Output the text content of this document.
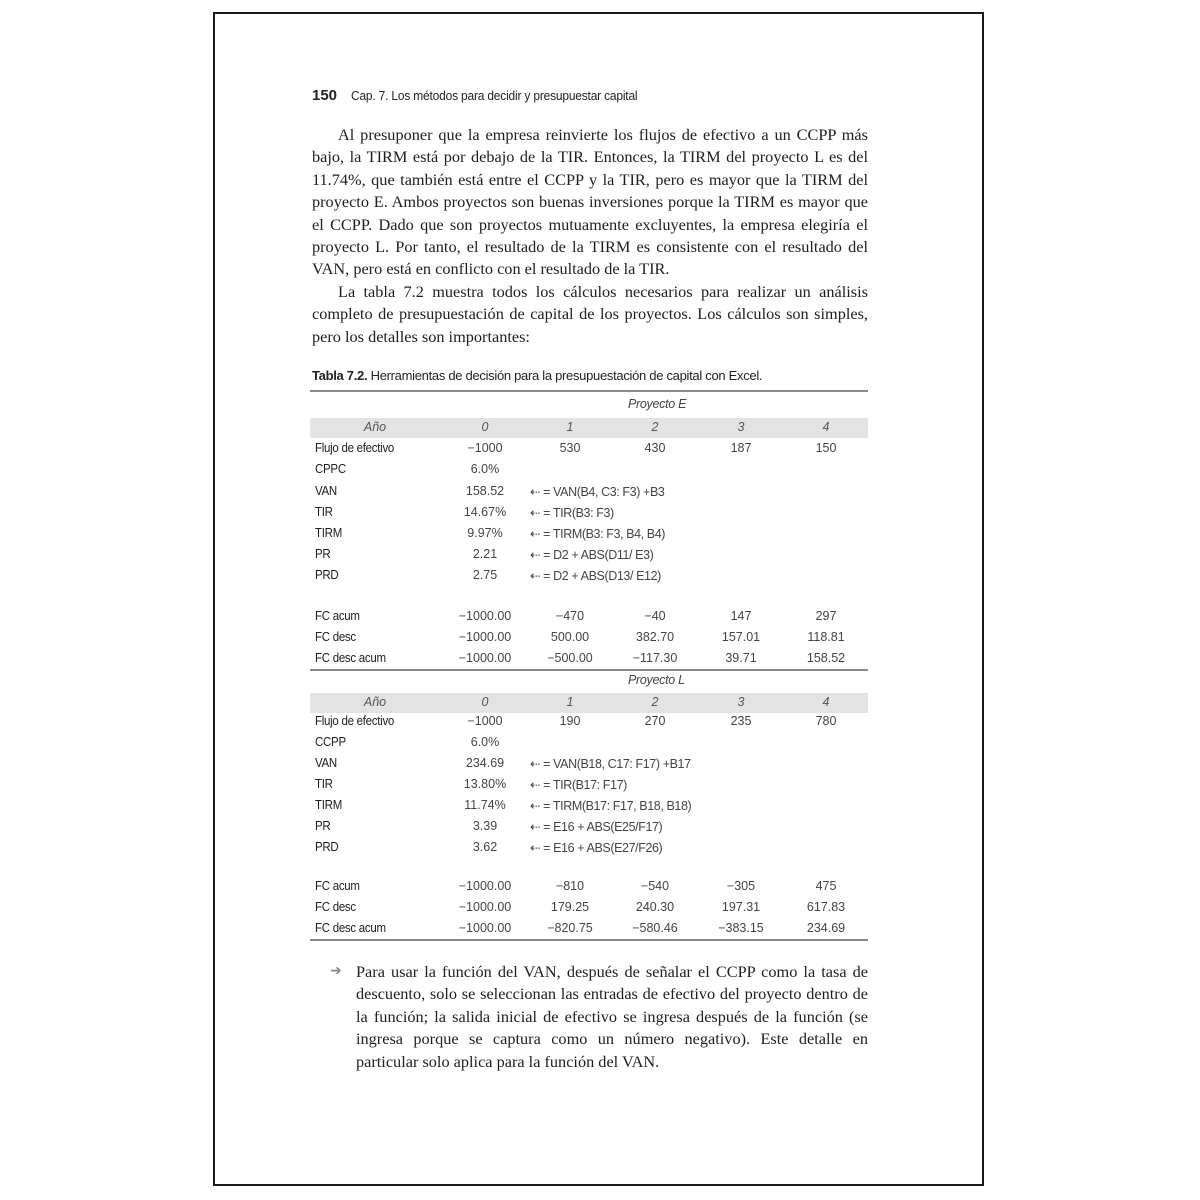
150 Cap. 7. Los métodos para decidir y presupuestar capital

Al presuponer que la empresa reinvierte los flujos de efectivo a un CCPP más bajo, la TIRM está por debajo de la TIR. Entonces, la TIRM del proyecto L es del 11.74%, que también está entre el CCPP y la TIR, pero es mayor que la TIRM del proyecto E. Ambos proyectos son buenas inversiones porque la TIRM es mayor que el CCPP. Dado que son proyectos mutuamente excluyentes, la empresa elegiría el proyecto L. Por tanto, el resultado de la TIRM es consistente con el resultado del VAN, pero está en conflicto con el resultado de la TIR.

La tabla 7.2 muestra todos los cálculos necesarios para realizar un análisis completo de presupuestación de capital de los proyectos. Los cálculos son simples, pero los detalles son importantes:

Tabla 7.2. Herramientas de decisión para la presupuestación de capital con Excel.
Proyecto E
Año	0	1	2	3	4
Flujo de efectivo	−1000	530	430	187	150
CPPC	6.0%
VAN	158.52	⇠ = VAN(B4, C3: F3) +B3
TIR	14.67%	⇠ = TIR(B3: F3)
TIRM	9.97%	⇠ = TIRM(B3: F3, B4, B4)
PR	2.21	⇠ = D2 + ABS(D11/ E3)
PRD	2.75	⇠ = D2 + ABS(D13/ E12)
FC acum	−1000.00	−470	−40	147	297
FC desc	−1000.00	500.00	382.70	157.01	118.81
FC desc acum	−1000.00	−500.00	−117.30	39.71	158.52
Proyecto L
Año	0	1	2	3	4
Flujo de efectivo	−1000	190	270	235	780
CCPP	6.0%
VAN	234.69	⇠ = VAN(B18, C17: F17) +B17
TIR	13.80%	⇠ = TIR(B17: F17)
TIRM	11.74%	⇠ = TIRM(B17: F17, B18, B18)
PR	3.39	⇠ = E16 + ABS(E25/F17)
PRD	3.62	⇠ = E16 + ABS(E27/F26)
FC acum	−1000.00	−810	−540	−305	475
FC desc	−1000.00	179.25	240.30	197.31	617.83
FC desc acum	−1000.00	−820.75	−580.46	−383.15	234.69
➜ Para usar la función del VAN, después de señalar el CCPP como la tasa de descuento, solo se seleccionan las entradas de efectivo del proyecto dentro de la función; la salida inicial de efectivo se ingresa después de la función (se ingresa porque se captura como un número negativo). Este detalle en particular solo aplica para la función del VAN.
